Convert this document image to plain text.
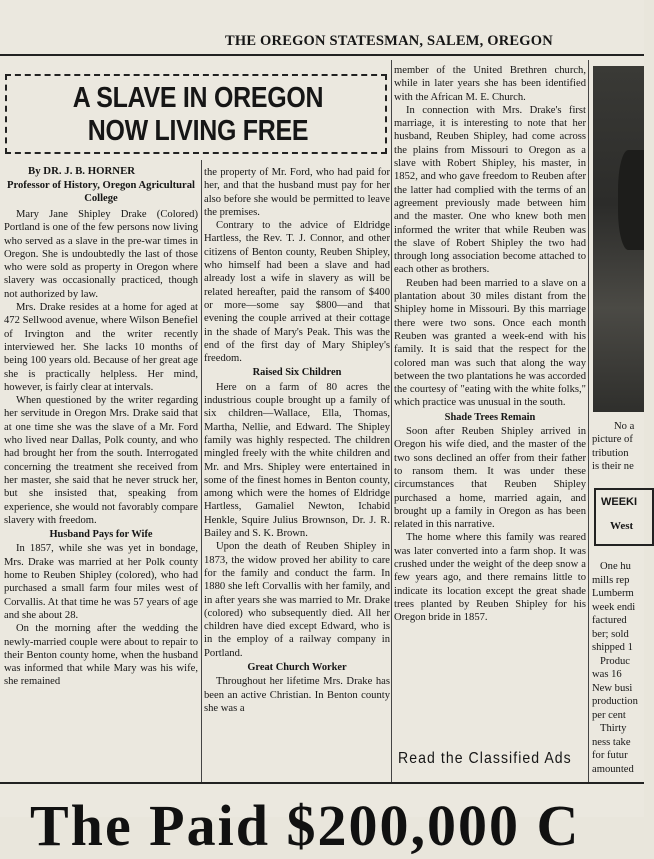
THE OREGON STATESMAN, SALEM, OREGON
A SLAVE IN OREGON
NOW LIVING FREE
By DR. J. B. HORNER
Professor of History, Oregon Agricultural College

Mary Jane Shipley Drake (Colored) Portland is one of the few persons now living who served as a slave in the pre-war times in Oregon. She is undoubtedly the last of those who were sold as property in Oregon where slavery was occasionally practiced, though not authorized by law.

Mrs. Drake resides at a home for aged at 472 Sellwood avenue, where Wilson Benefiel of Irvington and the writer recently interviewed her. She lacks 10 months of being 100 years old. Because of her great age she is practically helpless. Her mind, however, is fairly clear at intervals.

When questioned by the writer regarding her servitude in Oregon Mrs. Drake said that at one time she was the slave of a Mr. Ford who lived near Dallas, Polk county, and who had brought her from the south. Interrogated concerning the treatment she received from her master, she said that he never struck her, but she insisted that, speaking from experience, she would not favorably compare slavery with freedom.

Husband Pays for Wife

In 1857, while she was yet in bondage, Mrs. Drake was married at her Polk county home to Reuben Shipley (colored), who had purchased a small farm four miles west of Corvallis. At that time he was 57 years of age and she about 28.

On the morning after the wedding the newly-married couple were about to repair to their Benton county home, when the husband was informed that while Mary was his wife, she remained

the property of Mr. Ford, who had paid for her, and that the husband must pay for her also before she would be permitted to leave the premises.

Contrary to the advice of Eldridge Hartless, the Rev. T. J. Connor, and other citizens of Benton county, Reuben Shipley, who himself had been a slave and had already lost a wife in slavery as will be related hereafter, paid the ransom of $400 or more—some say $800—and that evening the couple arrived at their cottage in the shade of Mary's Peak. This was the end of the first day of Mary Shipley's freedom.

Raised Six Children

Here on a farm of 80 acres the industrious couple brought up a family of six children—Wallace, Ella, Thomas, Martha, Nellie, and Edward. The Shipley family was highly respected. The children mingled freely with the white children and Mr. and Mrs. Shipley were entertained in some of the finest homes in Benton county, among which were the homes of Eldridge Hartless, Gamaliel Newton, Ichabid Henkle, Squire Julius Brownson, Dr. J. R. Bailey and S. K. Brown.

Upon the death of Reuben Shipley in 1873, the widow proved her ability to care for the family and conduct the farm. In 1880 she left Corvallis with her family, and in after years she was married to Mr. Drake (colored) who subsequently died. All her children have died except Edward, who is in the employ of a railway company in Portland.

Great Church Worker

Throughout her lifetime Mrs. Drake has been an active Christian. In Benton county she was a

member of the United Brethren church, while in later years she has been identified with the African M. E. Church.

In connection with Mrs. Drake's first marriage, it is interesting to note that her husband, Reuben Shipley, had come across the plains from Missouri to Oregon as a slave with Robert Shipley, his master, in 1852, and who gave freedom to Reuben after the latter had complied with the terms of an agreement previously made between him and the master. One who knew both men informed the writer that while Reuben was the slave of Robert Shipley the two had through long association become attached to each other as brothers.

Reuben had been married to a slave on a plantation about 30 miles distant from the Shipley home in Missouri. By this marriage there were two sons. Once each month Reuben was granted a week-end with his family. It is said that the respect for the colored man was such that along the way between the two plantations he was accorded the courtesy of "eating with the white folks," which practice was unusual in the south.

Shade Trees Remain

Soon after Reuben Shipley arrived in Oregon his wife died, and the master of the two sons declined an offer from their father to ransom them. It was under these circumstances that Reuben Shipley purchased a home, married again, and brought up a family in Oregon as has been related in this narrative.

The home where this family was reared was later converted into a farm shop. It was crushed under the weight of the deep snow a few years ago, and there remains little to indicate its location except the great shade trees planted by Reuben Shipley for his Oregon bride in 1857.

No a
picture of
tribution
is their ne
WEEKI
West
One hu
mills rep
Lumberm
week endi
factured
ber; sold
shipped 1
Produc
was 16
New busi
production
per cent
Thirty
ness take
for futur
amounted
Read the Classified Ads
The Paid $200,000 C
